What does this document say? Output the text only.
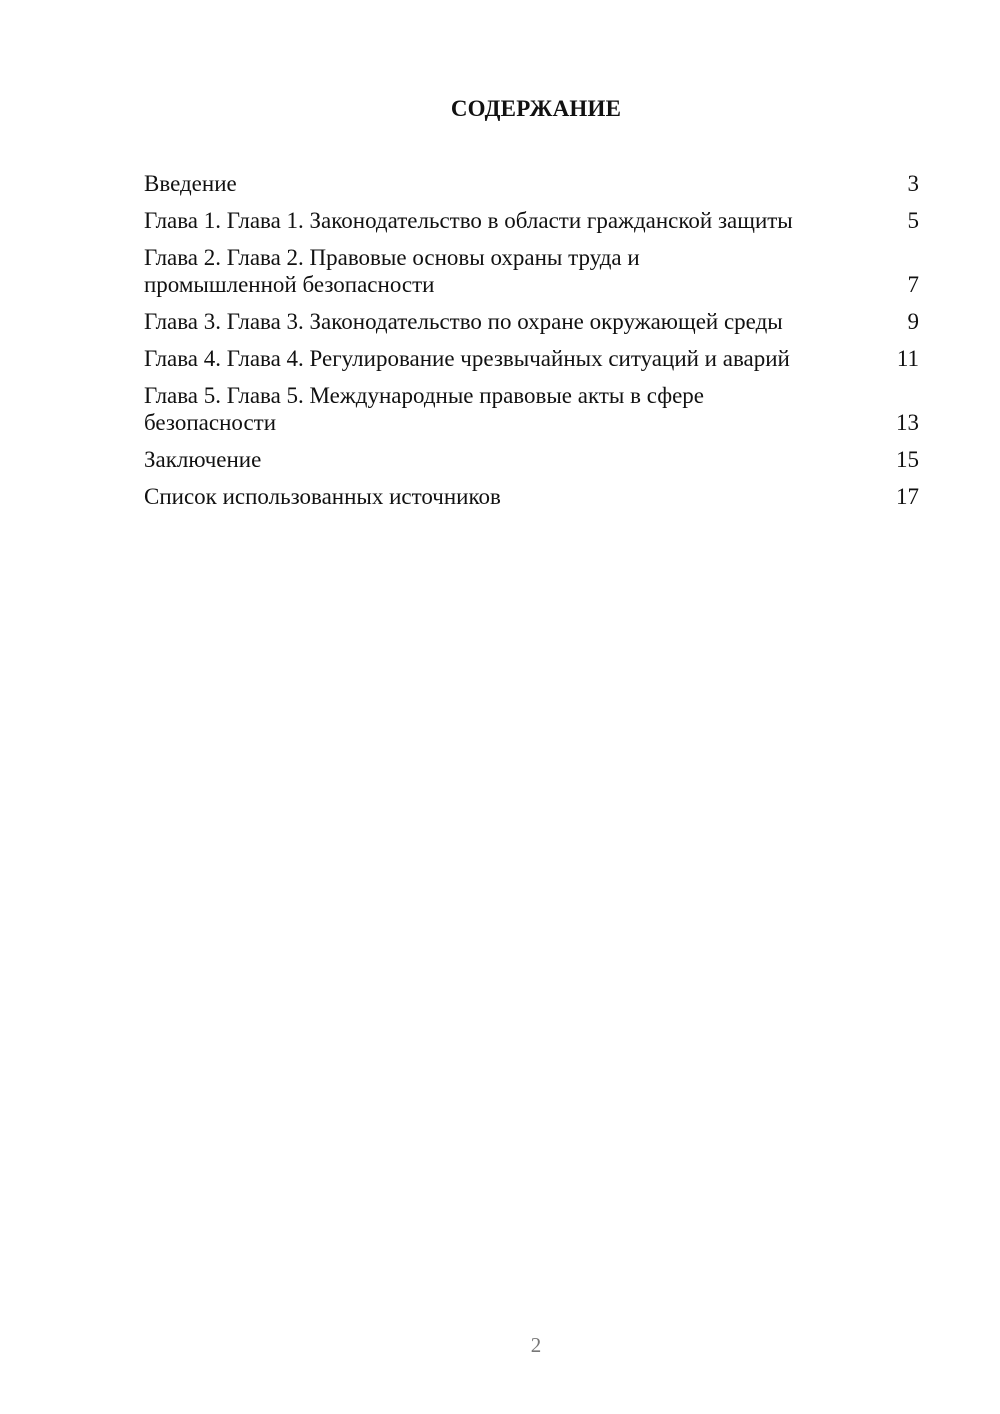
СОДЕРЖАНИЕ
Введение	3
Глава 1. Глава 1. Законодательство в области гражданской защиты	5
Глава 2. Глава 2. Правовые основы охраны труда и промышленной безопасности	7
Глава 3. Глава 3. Законодательство по охране окружающей среды	9
Глава 4. Глава 4. Регулирование чрезвычайных ситуаций и аварий	11
Глава 5. Глава 5. Международные правовые акты в сфере безопасности	13
Заключение	15
Список использованных источников	17
2
